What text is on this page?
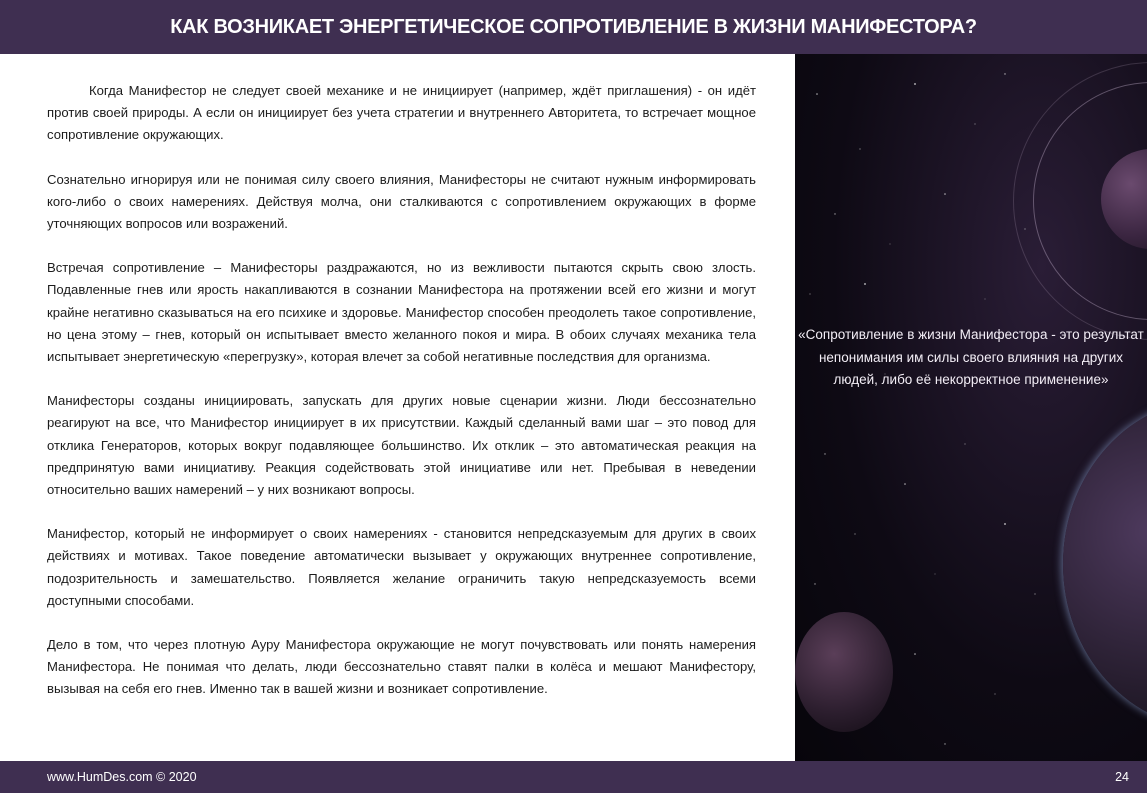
КАК ВОЗНИКАЕТ ЭНЕРГЕТИЧЕСКОЕ СОПРОТИВЛЕНИЕ В ЖИЗНИ МАНИФЕСТОРА?

Когда Манифестор не следует своей механике и не инициирует (например, ждёт приглашения) - он идёт против своей природы. А если он инициирует без учета стратегии и внутреннего Авторитета, то встречает мощное сопротивление окружающих.

Сознательно игнорируя или не понимая силу своего влияния, Манифесторы не считают нужным информировать кого-либо о своих намерениях. Действуя молча, они сталкиваются с сопротивлением окружающих в форме уточняющих вопросов или возражений.

Встречая сопротивление – Манифесторы раздражаются, но из вежливости пытаются скрыть свою злость. Подавленные гнев или ярость накапливаются в сознании Манифестора на протяжении всей его жизни и могут крайне негативно сказываться на его психике и здоровье. Манифестор способен преодолеть такое сопротивление, но цена этому – гнев, который он испытывает вместо желанного покоя и мира. В обоих случаях механика тела испытывает энергетическую «перегрузку», которая влечет за собой негативные последствия для организма.

Манифесторы созданы инициировать, запускать для других новые сценарии жизни. Люди бессознательно реагируют на все, что Манифестор инициирует в их присутствии. Каждый сделанный вами шаг – это повод для отклика Генераторов, которых вокруг подавляющее большинство. Их отклик – это автоматическая реакция на предпринятую вами инициативу. Реакция содействовать этой инициативе или нет. Пребывая в неведении относительно ваших намерений – у них возникают вопросы.

Манифестор, который не информирует о своих намерениях - становится непредсказуемым для других в своих действиях и мотивах. Такое поведение автоматически вызывает у окружающих внутреннее сопротивление, подозрительность и замешательство. Появляется желание ограничить такую непредсказуемость всеми доступными способами.

Дело в том, что через плотную Ауру Манифестора окружающие не могут почувствовать или понять намерения Манифестора. Не понимая что делать, люди бессознательно ставят палки в колёса и мешают Манифестору, вызывая на себя его гнев. Именно так в вашей жизни и возникает сопротивление.

«Сопротивление в жизни Манифестора - это результат непонимания им силы своего влияния на других людей, либо её некорректное применение»
www.HumDes.com © 2020	24
